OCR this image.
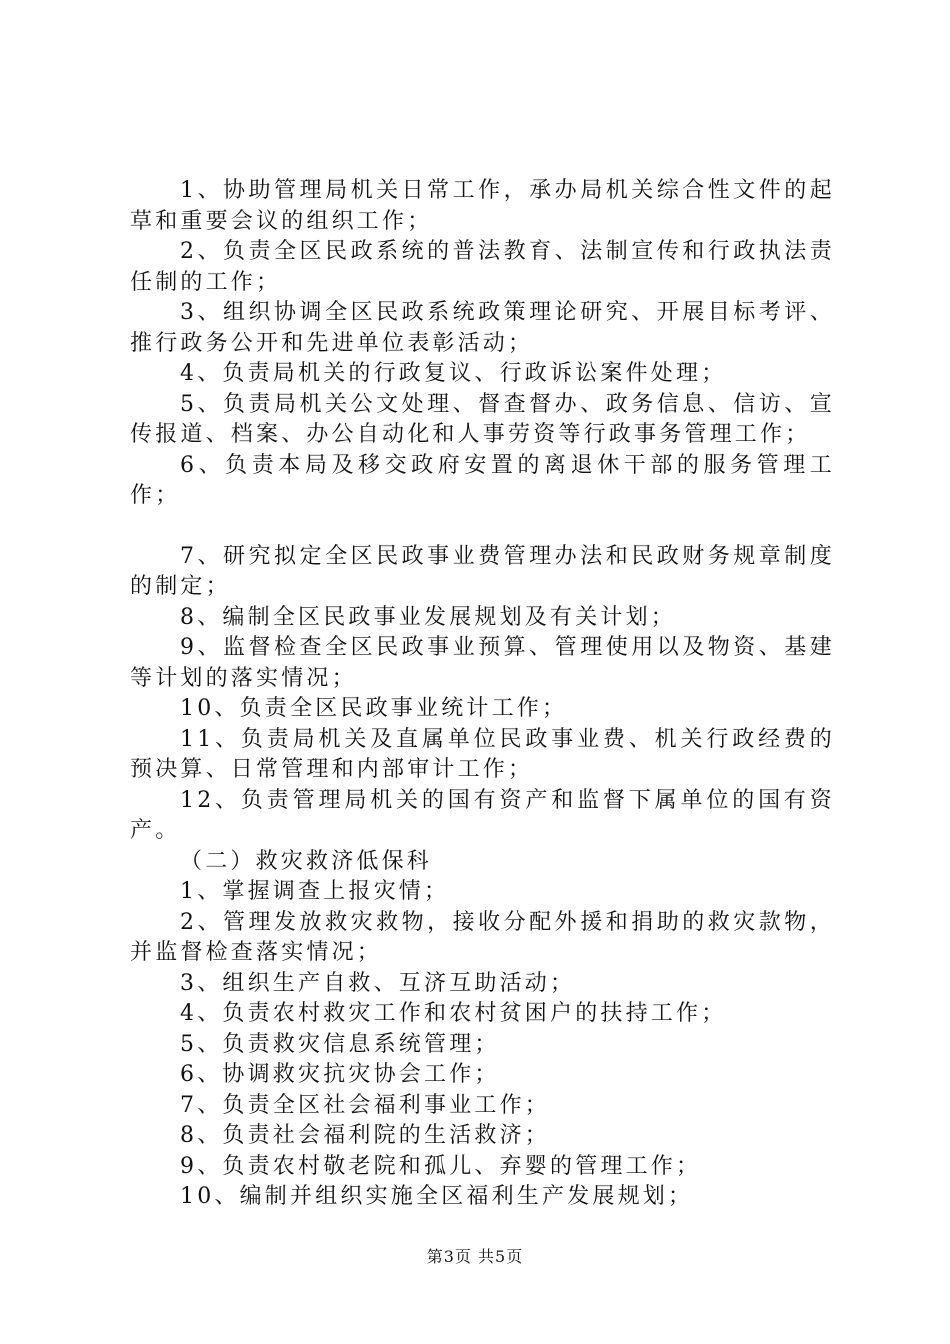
1、协助管理局机关日常工作，承办局机关综合性文件的起草和重要会议的组织工作；

2、负责全区民政系统的普法教育、法制宣传和行政执法责任制的工作；

3、组织协调全区民政系统政策理论研究、开展目标考评、推行政务公开和先进单位表彰活动；

4、负责局机关的行政复议、行政诉讼案件处理；

5、负责局机关公文处理、督查督办、政务信息、信访、宣传报道、档案、办公自动化和人事劳资等行政事务管理工作；

6、负责本局及移交政府安置的离退休干部的服务管理工作；

7、研究拟定全区民政事业费管理办法和民政财务规章制度的制定；

8、编制全区民政事业发展规划及有关计划；

9、监督检查全区民政事业预算、管理使用以及物资、基建等计划的落实情况；

10、负责全区民政事业统计工作；

11、负责局机关及直属单位民政事业费、机关行政经费的预决算、日常管理和内部审计工作；

12、负责管理局机关的国有资产和监督下属单位的国有资产。

（二）救灾救济低保科

1、掌握调查上报灾情；

2、管理发放救灾救物，接收分配外援和捐助的救灾款物，并监督检查落实情况；

3、组织生产自救、互济互助活动；

4、负责农村救灾工作和农村贫困户的扶持工作；

5、负责救灾信息系统管理；

6、协调救灾抗灾协会工作；

7、负责全区社会福利事业工作；

8、负责社会福利院的生活救济；

9、负责农村敬老院和孤儿、弃婴的管理工作；

10、编制并组织实施全区福利生产发展规划；

第3页 共5页
